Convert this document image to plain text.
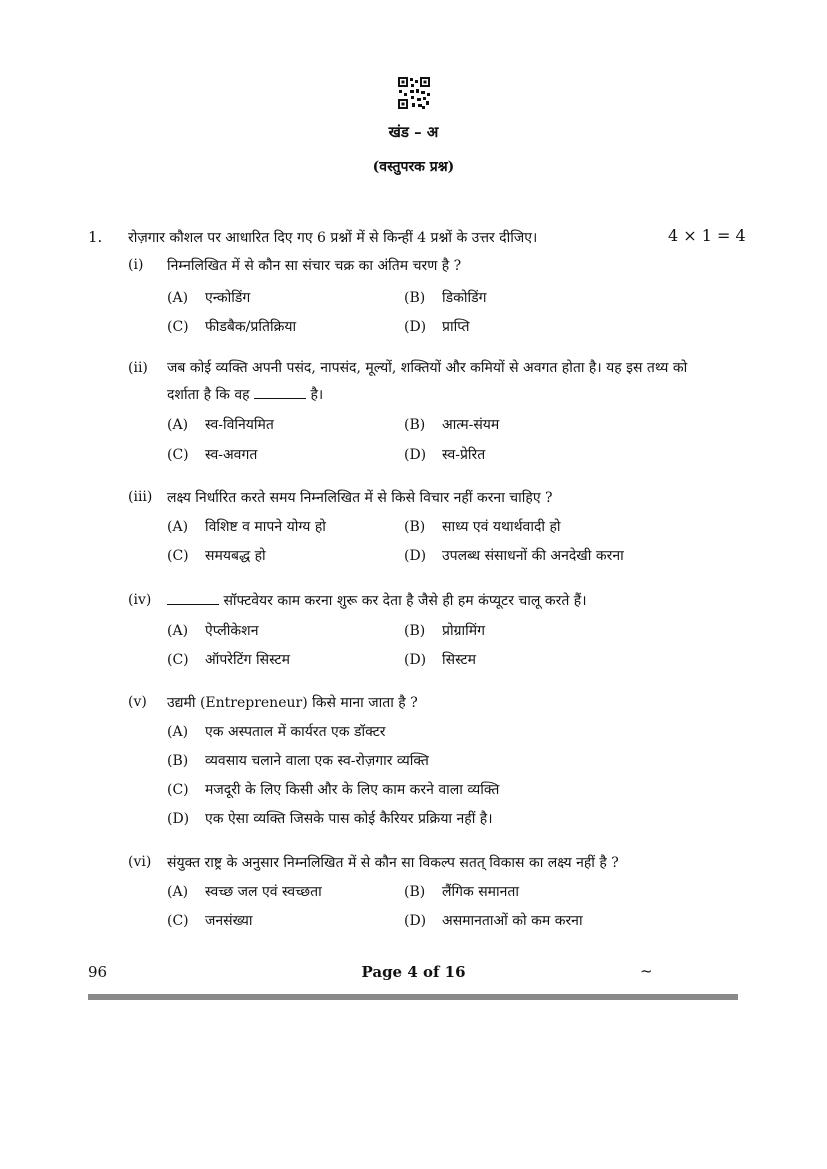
खंड – अ
(वस्तुपरक प्रश्न)
1. रोज़गार कौशल पर आधारित दिए गए 6 प्रश्नों में से किन्हीं 4 प्रश्नों के उत्तर दीजिए।	4 × 1 = 4
(i) निम्नलिखित में से कौन सा संचार चक्र का अंतिम चरण है ?
(A) एन्कोडिंग	(B) डिकोडिंग
(C) फीडबैक/प्रतिक्रिया	(D) प्राप्ति
(ii) जब कोई व्यक्ति अपनी पसंद, नापसंद, मूल्यों, शक्तियों और कमियों से अवगत होता है। यह इस तथ्य को दर्शाता है कि वह	है।
(A) स्व-विनियमित	(B) आत्म-संयम
(C) स्व-अवगत	(D) स्व-प्रेरित
(iii) लक्ष्य निर्धारित करते समय निम्नलिखित में से किसे विचार नहीं करना चाहिए ?
(A) विशिष्ट व मापने योग्य हो	(B) साध्य एवं यथार्थवादी हो
(C) समयबद्ध हो	(D) उपलब्ध संसाधनों की अनदेखी करना
(iv)	सॉफ्टवेयर काम करना शुरू कर देता है जैसे ही हम कंप्यूटर चालू करते हैं।
(A) ऐप्लीकेशन	(B) प्रोग्रामिंग
(C) ऑपरेटिंग सिस्टम	(D) सिस्टम
(v) उद्यमी (Entrepreneur) किसे माना जाता है ?
(A) एक अस्पताल में कार्यरत एक डॉक्टर
(B) व्यवसाय चलाने वाला एक स्व-रोज़गार व्यक्ति
(C) मजदूरी के लिए किसी और के लिए काम करने वाला व्यक्ति
(D) एक ऐसा व्यक्ति जिसके पास कोई कैरियर प्रक्रिया नहीं है।
(vi) संयुक्त राष्ट्र के अनुसार निम्नलिखित में से कौन सा विकल्प सतत् विकास का लक्ष्य नहीं है ?
(A) स्वच्छ जल एवं स्वच्छता	(B) लैंगिक समानता
(C) जनसंख्या	(D) असमानताओं को कम करना
96	Page 4 of 16	~
